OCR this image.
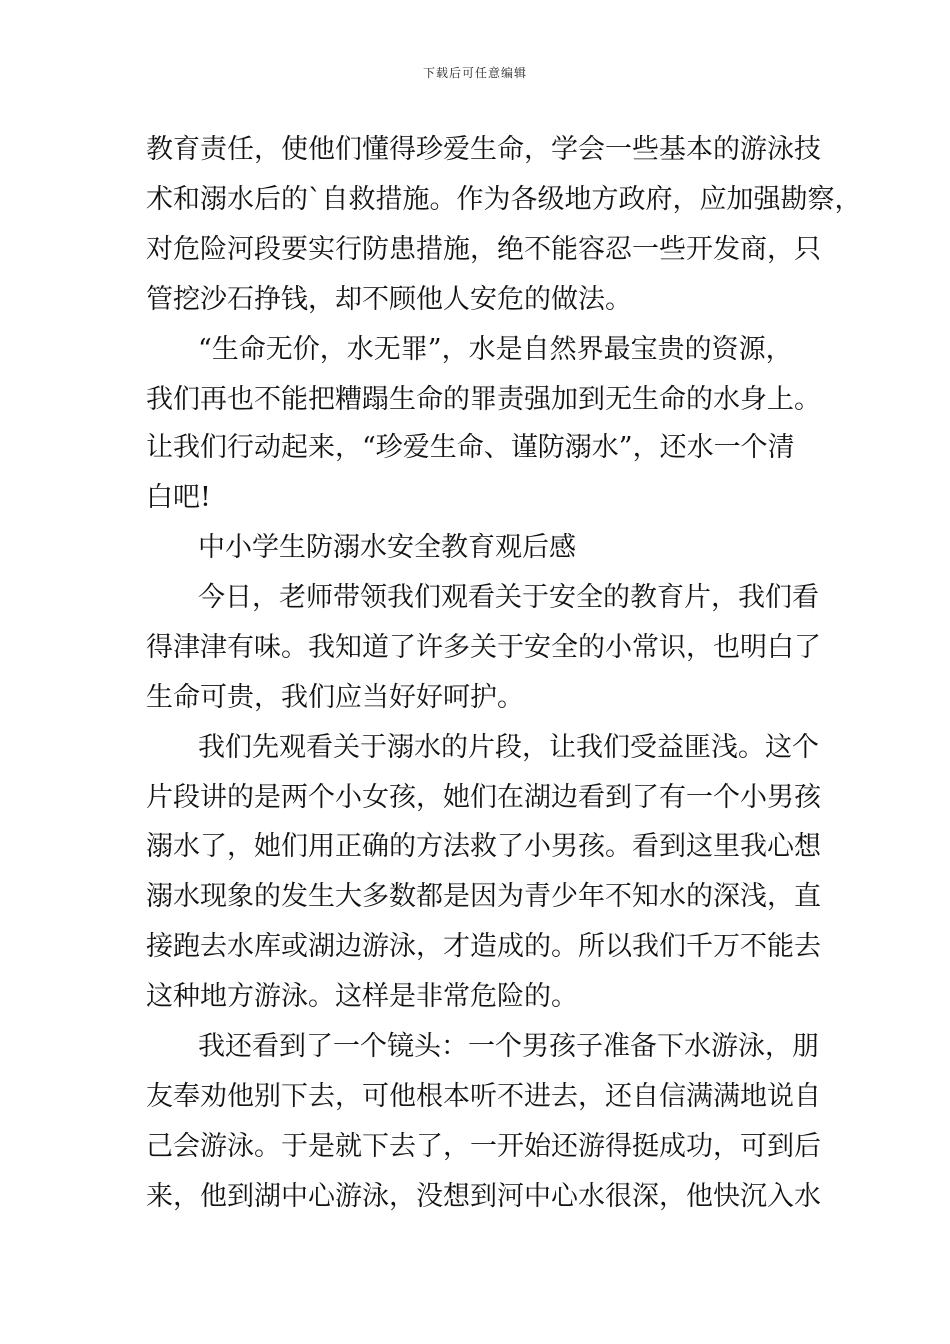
下载后可任意编辑
教育责任，使他们懂得珍爱生命，学会一些基本的游泳技
术和溺水后的`自救措施。作为各级地方政府，应加强勘察，
对危险河段要实行防患措施，绝不能容忍一些开发商，只
管挖沙石挣钱，却不顾他人安危的做法。
“生命无价，水无罪”，水是自然界最宝贵的资源，
我们再也不能把糟蹋生命的罪责强加到无生命的水身上。
让我们行动起来，“珍爱生命、谨防溺水”，还水一个清
白吧!
中小学生防溺水安全教育观后感
今日，老师带领我们观看关于安全的教育片，我们看
得津津有味。我知道了许多关于安全的小常识，也明白了
生命可贵，我们应当好好呵护。
我们先观看关于溺水的片段，让我们受益匪浅。这个
片段讲的是两个小女孩，她们在湖边看到了有一个小男孩
溺水了，她们用正确的方法救了小男孩。看到这里我心想
溺水现象的发生大多数都是因为青少年不知水的深浅，直
接跑去水库或湖边游泳，才造成的。所以我们千万不能去
这种地方游泳。这样是非常危险的。
我还看到了一个镜头：一个男孩子准备下水游泳，朋
友奉劝他别下去，可他根本听不进去，还自信满满地说自
己会游泳。于是就下去了，一开始还游得挺成功，可到后
来，他到湖中心游泳，没想到河中心水很深，他快沉入水
